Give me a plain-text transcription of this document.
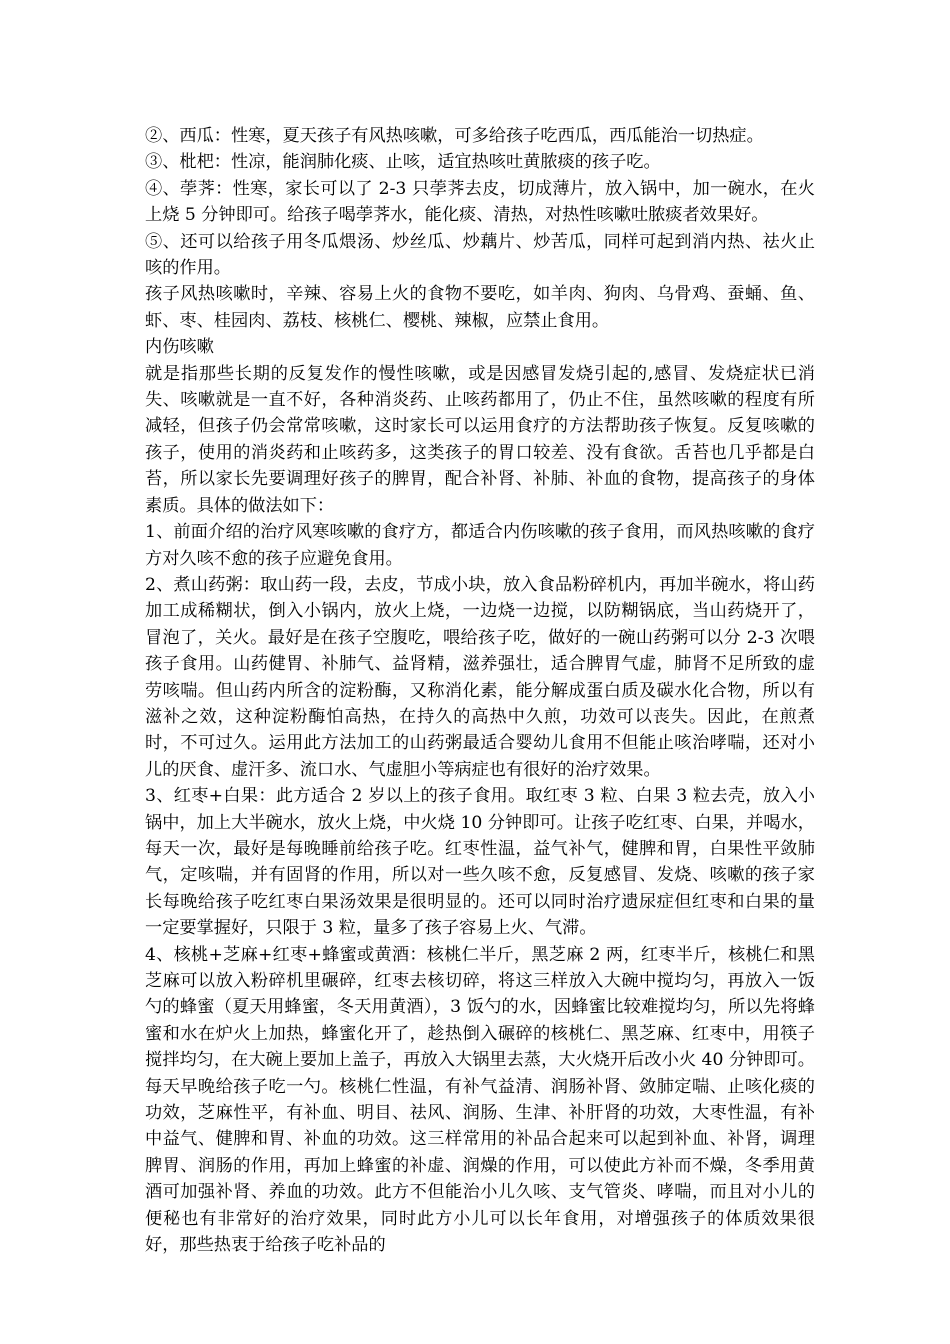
②、西瓜：性寒，夏天孩子有风热咳嗽，可多给孩子吃西瓜，西瓜能治一切热症。

③、枇杷：性凉，能润肺化痰、止咳，适宜热咳吐黄脓痰的孩子吃。

④、荸荠：性寒，家长可以了 2-3 只荸荠去皮，切成薄片，放入锅中，加一碗水，在火上烧 5 分钟即可。给孩子喝荸荠水，能化痰、清热，对热性咳嗽吐脓痰者效果好。

⑤、还可以给孩子用冬瓜煨汤、炒丝瓜、炒藕片、炒苦瓜，同样可起到消内热、祛火止咳的作用。

孩子风热咳嗽时，辛辣、容易上火的食物不要吃，如羊肉、狗肉、乌骨鸡、蚕蛹、鱼、虾、枣、桂园肉、荔枝、核桃仁、樱桃、辣椒，应禁止食用。

内伤咳嗽

就是指那些长期的反复发作的慢性咳嗽，或是因感冒发烧引起的,感冒、发烧症状已消失、咳嗽就是一直不好，各种消炎药、止咳药都用了，仍止不住，虽然咳嗽的程度有所减轻，但孩子仍会常常咳嗽，这时家长可以运用食疗的方法帮助孩子恢复。反复咳嗽的孩子，使用的消炎药和止咳药多，这类孩子的胃口较差、没有食欲。舌苔也几乎都是白苔，所以家长先要调理好孩子的脾胃，配合补肾、补肺、补血的食物，提高孩子的身体素质。具体的做法如下：

1、前面介绍的治疗风寒咳嗽的食疗方，都适合内伤咳嗽的孩子食用，而风热咳嗽的食疗方对久咳不愈的孩子应避免食用。

2、煮山药粥：取山药一段，去皮，节成小块，放入食品粉碎机内，再加半碗水，将山药加工成稀糊状，倒入小锅内，放火上烧，一边烧一边搅，以防糊锅底，当山药烧开了，冒泡了，关火。最好是在孩子空腹吃，喂给孩子吃，做好的一碗山药粥可以分 2-3 次喂孩子食用。山药健胃、补肺气、益肾精，滋养强壮，适合脾胃气虚，肺肾不足所致的虚劳咳喘。但山药内所含的淀粉酶，又称消化素，能分解成蛋白质及碳水化合物，所以有滋补之效，这种淀粉酶怕高热，在持久的高热中久煎，功效可以丧失。因此，在煎煮时，不可过久。运用此方法加工的山药粥最适合婴幼儿食用不但能止咳治哮喘，还对小儿的厌食、虚汗多、流口水、气虚胆小等病症也有很好的治疗效果。

3、红枣+白果：此方适合 2 岁以上的孩子食用。取红枣 3 粒、白果 3 粒去壳，放入小锅中，加上大半碗水，放火上烧，中火烧 10 分钟即可。让孩子吃红枣、白果，并喝水，每天一次，最好是每晚睡前给孩子吃。红枣性温，益气补气，健脾和胃，白果性平敛肺气，定咳喘，并有固肾的作用，所以对一些久咳不愈，反复感冒、发烧、咳嗽的孩子家长每晚给孩子吃红枣白果汤效果是很明显的。还可以同时治疗遗尿症但红枣和白果的量一定要掌握好，只限于 3 粒，量多了孩子容易上火、气滞。

4、核桃+芝麻+红枣+蜂蜜或黄酒：核桃仁半斤，黑芝麻 2 两，红枣半斤，核桃仁和黑芝麻可以放入粉碎机里碾碎，红枣去核切碎，将这三样放入大碗中搅均匀，再放入一饭勺的蜂蜜（夏天用蜂蜜，冬天用黄酒），3 饭勺的水，因蜂蜜比较难搅均匀，所以先将蜂蜜和水在炉火上加热，蜂蜜化开了，趁热倒入碾碎的核桃仁、黑芝麻、红枣中，用筷子搅拌均匀，在大碗上要加上盖子，再放入大锅里去蒸，大火烧开后改小火 40 分钟即可。每天早晚给孩子吃一勺。核桃仁性温，有补气益清、润肠补肾、敛肺定喘、止咳化痰的功效，芝麻性平，有补血、明目、祛风、润肠、生津、补肝肾的功效，大枣性温，有补中益气、健脾和胃、补血的功效。这三样常用的补品合起来可以起到补血、补肾，调理脾胃、润肠的作用，再加上蜂蜜的补虚、润燥的作用，可以使此方补而不燥，冬季用黄酒可加强补肾、养血的功效。此方不但能治小儿久咳、支气管炎、哮喘，而且对小儿的便秘也有非常好的治疗效果，同时此方小儿可以长年食用，对增强孩子的体质效果很好，那些热衷于给孩子吃补品的
